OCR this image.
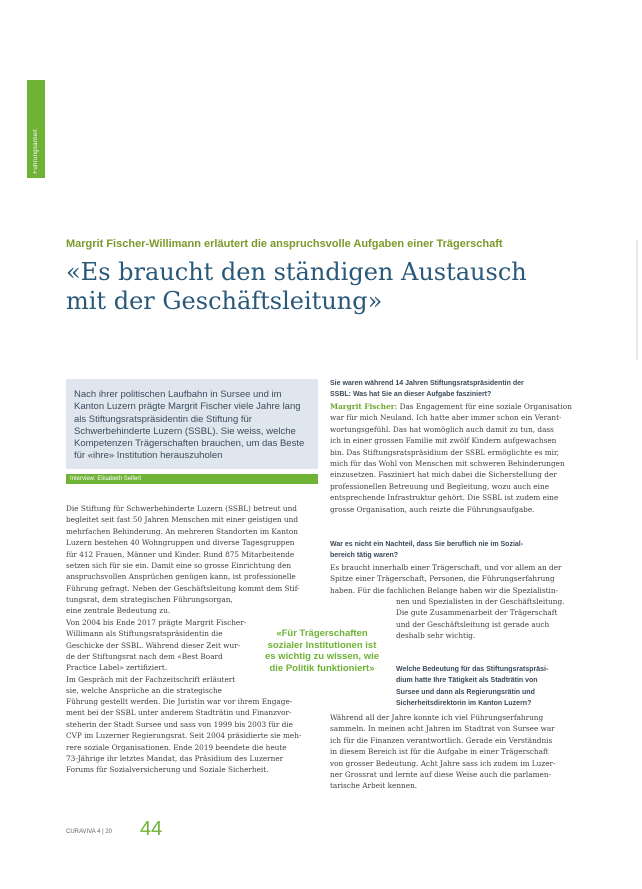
Führungsarbeit
Margrit Fischer-Willimann erläutert die anspruchsvolle Aufgaben einer Trägerschaft
«Es braucht den ständigen Austausch
mit der Geschäftsleitung»
Nach ihrer politischen Laufbahn in Sursee und im Kanton Luzern prägte Margrit Fischer viele Jahre lang als Stiftungsratspräsidentin die Stiftung für Schwerbehinderte Luzern (SSBL). Sie weiss, welche Kompetenzen Trägerschaften brauchen, um das Beste für «ihre» Institution herauszuholen
Interview: Elisabeth Seifert
Die Stiftung für Schwerbehinderte Luzern (SSBL) betreut und
begleitet seit fast 50 Jahren Menschen mit einer geistigen und
mehrfachen Behinderung. An mehreren Standorten im Kanton
Luzern bestehen 40 Wohngruppen und diverse Tagesgruppen
für 412 Frauen, Männer und Kinder. Rund 875 Mitarbeitende
setzen sich für sie ein. Damit eine so grosse Einrichtung den
anspruchsvollen Ansprüchen genügen kann, ist professionelle
Führung gefragt. Neben der Geschäftsleitung kommt dem Stif-
tungsrat, dem strategischen Führungsorgan,
eine zentrale Bedeutung zu.
Von 2004 bis Ende 2017 prägte Margrit Fischer-
Willimann als Stiftungsratspräsidentin die
Geschicke der SSBL. Während dieser Zeit wur-
de der Stiftungsrat nach dem «Best Board
Practice Label» zertifiziert.
Im Gespräch mit der Fachzeitschrift erläutert
sie, welche Ansprüche an die strategische
Führung gestellt werden. Die Juristin war vor ihrem Engage-
ment bei der SSBL unter anderem Stadträtin und Finanzvor-
steherin der Stadt Sursee und sass von 1999 bis 2003 für die
CVP im Luzerner Regierungsrat. Seit 2004 präsidierte sie meh-
rere soziale Organisationen. Ende 2019 beendete die heute
73-Jährige ihr letztes Mandat, das Präsidium des Luzerner
Forums für Sozialversicherung und Soziale Sicherheit.
«Für Trägerschaften sozialer Institutionen ist es wichtig zu wissen, wie die Politik funktioniert»
Sie waren während 14 Jahren Stiftungsratspräsidentin der
SSBL: Was hat Sie an dieser Aufgabe fasziniert?
Margrit Fischer: Das Engagement für eine soziale Organisation
war für mich Neuland. Ich hatte aber immer schon ein Verant-
wortungsgefühl. Das hat womöglich auch damit zu tun, dass
ich in einer grossen Familie mit zwölf Kindern aufgewachsen
bin. Das Stiftungsratspräsidium der SSBL ermöglichte es mir,
mich für das Wohl von Menschen mit schweren Behinderungen
einzusetzen. Fasziniert hat mich dabei die Sicherstellung der
professionellen Betreuung und Begleitung, wozu auch eine
entsprechende Infrastruktur gehört. Die SSBL ist zudem eine
grosse Organisation, auch reizte die Führungsaufgabe.
War es nicht ein Nachteil, dass Sie beruflich nie im Sozial-
bereich tätig waren?
Es braucht innerhalb einer Trägerschaft, und vor allem an der
Spitze einer Trägerschaft, Personen, die Führungserfahrung
haben. Für die fachlichen Belange haben wir die Spezialistin-
nen und Spezialisten in der Geschäftsleitung.
Die gute Zusammenarbeit der Trägerschaft
und der Geschäftsleitung ist gerade auch
deshalb sehr wichtig.
Welche Bedeutung für das Stiftungsratspräsi-
dium hatte Ihre Tätigkeit als Stadträtin von
Sursee und dann als Regierungsrätin und
Sicherheitsdirektorin im Kanton Luzern?
Während all der Jahre konnte ich viel Führungserfahrung
sammeln. In meinen acht Jahren im Stadtrat von Sursee war
ich für die Finanzen verantwortlich. Gerade ein Verständnis
in diesem Bereich ist für die Aufgabe in einer Trägerschaft
von grosser Bedeutung. Acht Jahre sass ich zudem im Luzer-
ner Grossrat und lernte auf diese Weise auch die parlamen-
tarische Arbeit kennen.
CURAVIVA 4 | 20 44
